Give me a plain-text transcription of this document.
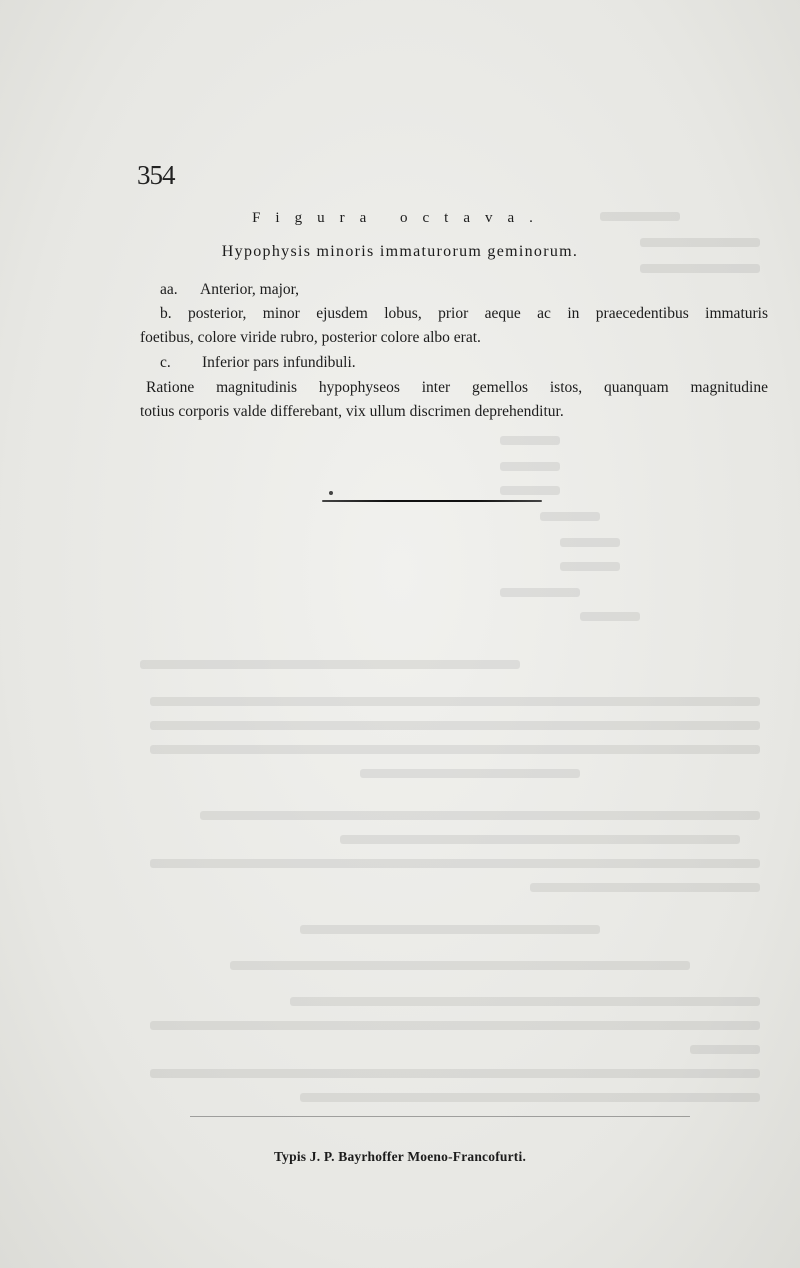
354
Figura octava.
Hypophysis minoris immaturorum geminorum.
aa. Anterior, major,
b. posterior, minor ejusdem lobus, prior aeque ac in praecedentibus immaturis
foetibus, colore viride rubro, posterior colore albo erat.
c. Inferior pars infundibuli.
Ratione magnitudinis hypophyseos inter gemellos istos, quanquam magnitudine
totius corporis valde differebant, vix ullum discrimen deprehenditur.
Typis J. P. Bayrhoffer Moeno-Francofurti.
